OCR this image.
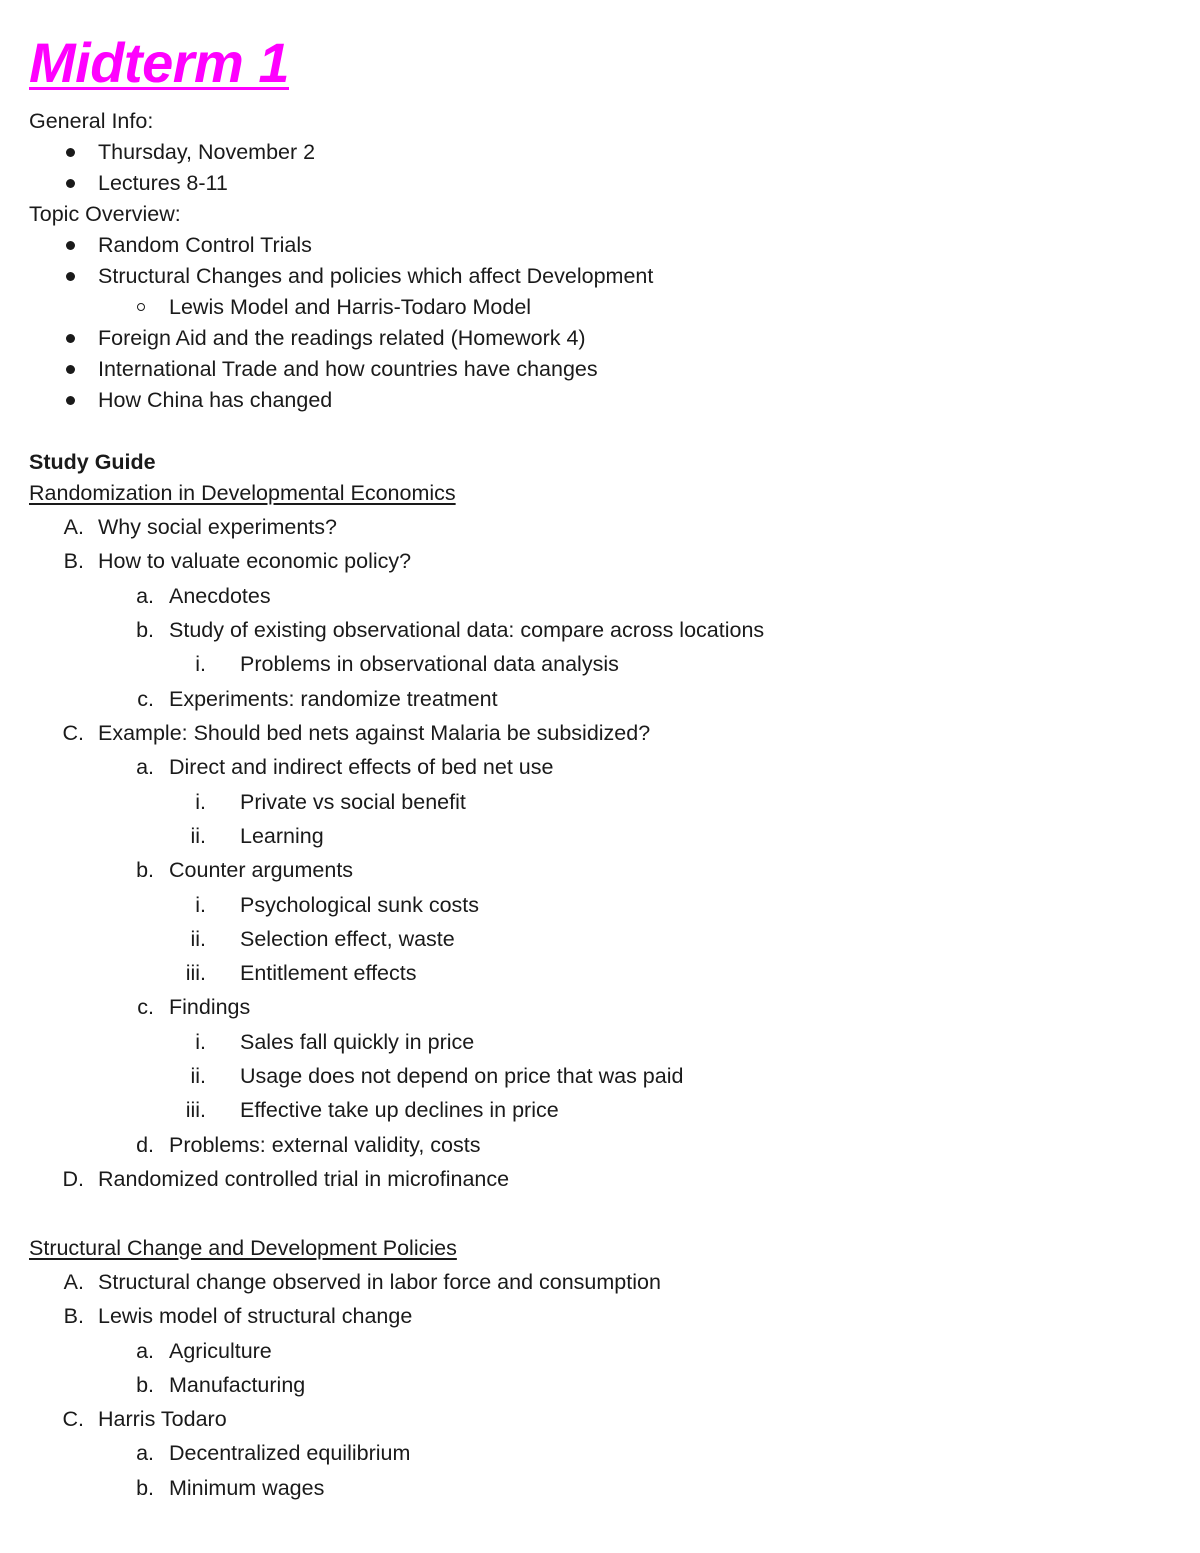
Midterm 1
General Info:
Thursday, November 2
Lectures 8-11
Topic Overview:
Random Control Trials
Structural Changes and policies which affect Development
Lewis Model and Harris-Todaro Model
Foreign Aid and the readings related (Homework 4)
International Trade and how countries have changes
How China has changed
Study Guide
Randomization in Developmental Economics
A. Why social experiments?
B. How to valuate economic policy?
a. Anecdotes
b. Study of existing observational data: compare across locations
i. Problems in observational data analysis
c. Experiments: randomize treatment
C. Example: Should bed nets against Malaria be subsidized?
a. Direct and indirect effects of bed net use
i. Private vs social benefit
ii. Learning
b. Counter arguments
i. Psychological sunk costs
ii. Selection effect, waste
iii. Entitlement effects
c. Findings
i. Sales fall quickly in price
ii. Usage does not depend on price that was paid
iii. Effective take up declines in price
d. Problems: external validity, costs
D. Randomized controlled trial in microfinance
Structural Change and Development Policies
A. Structural change observed in labor force and consumption
B. Lewis model of structural change
a. Agriculture
b. Manufacturing
C. Harris Todaro
a. Decentralized equilibrium
b. Minimum wages
